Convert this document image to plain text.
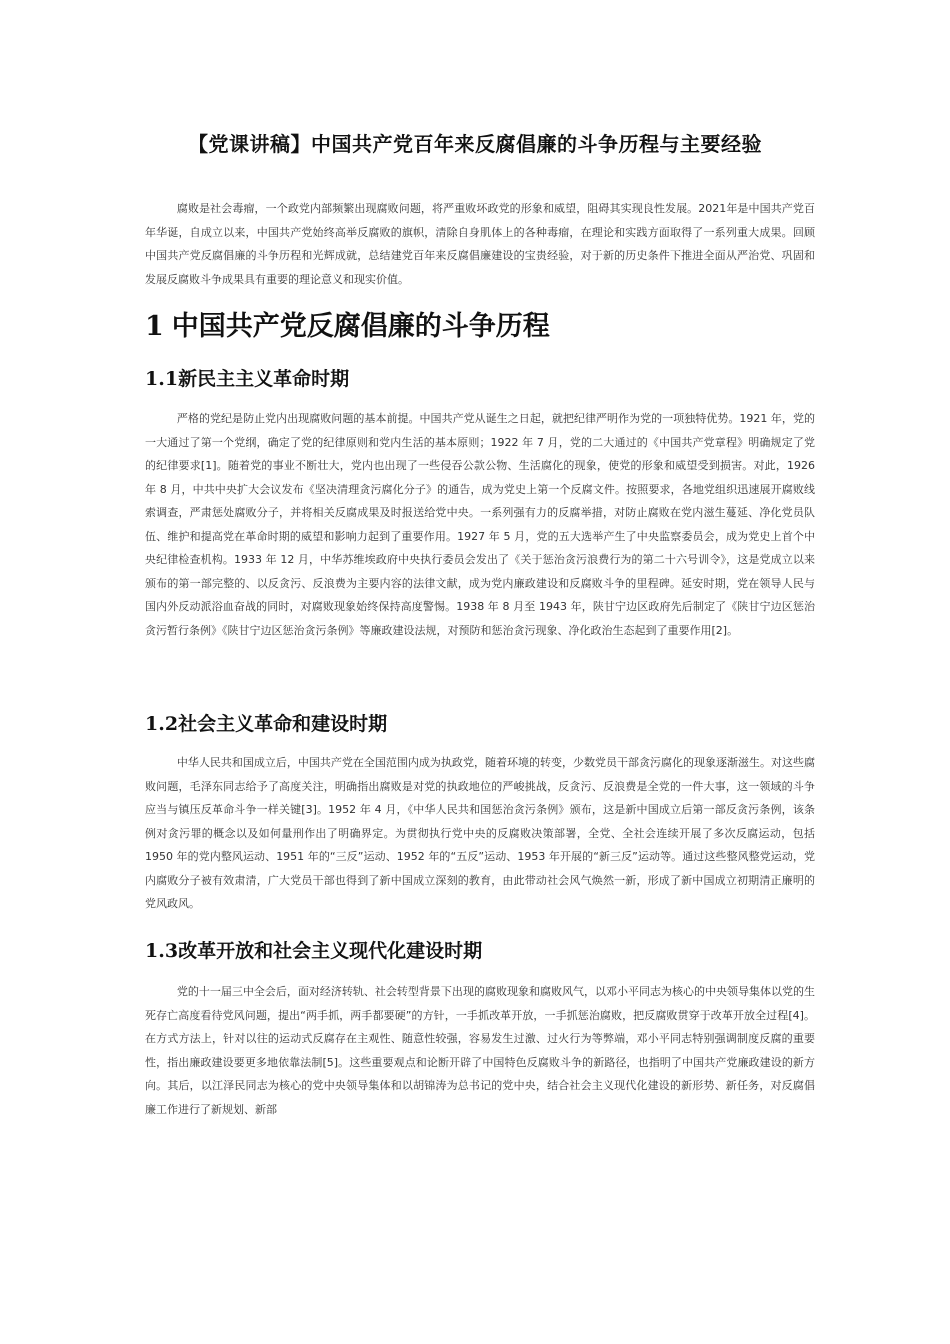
【党课讲稿】中国共产党百年来反腐倡廉的斗争历程与主要经验

腐败是社会毒瘤，一个政党内部频繁出现腐败问题，将严重败坏政党的形象和威望，阻碍其实现良性发展。2021年是中国共产党百年华诞，自成立以来，中国共产党始终高举反腐败的旗帜，清除自身肌体上的各种毒瘤，在理论和实践方面取得了一系列重大成果。回顾中国共产党反腐倡廉的斗争历程和光辉成就，总结建党百年来反腐倡廉建设的宝贵经验，对于新的历史条件下推进全面从严治党、巩固和发展反腐败斗争成果具有重要的理论意义和现实价值。

1 中国共产党反腐倡廉的斗争历程
1.1新民主主义革命时期

严格的党纪是防止党内出现腐败问题的基本前提。中国共产党从诞生之日起，就把纪律严明作为党的一项独特优势。1921 年，党的一大通过了第一个党纲，确定了党的纪律原则和党内生活的基本原则；1922 年 7 月，党的二大通过的《中国共产党章程》明确规定了党的纪律要求[1]。随着党的事业不断壮大，党内也出现了一些侵吞公款公物、生活腐化的现象，使党的形象和威望受到损害。对此，1926 年 8 月，中共中央扩大会议发布《坚决清理贪污腐化分子》的通告，成为党史上第一个反腐文件。按照要求，各地党组织迅速展开腐败线索调查，严肃惩处腐败分子，并将相关反腐成果及时报送给党中央。一系列强有力的反腐举措，对防止腐败在党内滋生蔓延、净化党员队伍、维护和提高党在革命时期的威望和影响力起到了重要作用。1927 年 5 月，党的五大选举产生了中央监察委员会，成为党史上首个中央纪律检查机构。1933 年 12 月，中华苏维埃政府中央执行委员会发出了《关于惩治贪污浪费行为的第二十六号训令》，这是党成立以来颁布的第一部完整的、以反贪污、反浪费为主要内容的法律文献，成为党内廉政建设和反腐败斗争的里程碑。延安时期，党在领导人民与国内外反动派浴血奋战的同时，对腐败现象始终保持高度警惕。1938 年 8 月至 1943 年，陕甘宁边区政府先后制定了《陕甘宁边区惩治贪污暂行条例》《陕甘宁边区惩治贪污条例》等廉政建设法规，对预防和惩治贪污现象、净化政治生态起到了重要作用[2]。

1.2社会主义革命和建设时期

中华人民共和国成立后，中国共产党在全国范围内成为执政党，随着环境的转变，少数党员干部贪污腐化的现象逐渐滋生。对这些腐败问题，毛泽东同志给予了高度关注，明确指出腐败是对党的执政地位的严峻挑战，反贪污、反浪费是全党的一件大事，这一领域的斗争应当与镇压反革命斗争一样关键[3]。1952 年 4 月，《中华人民共和国惩治贪污条例》颁布，这是新中国成立后第一部反贪污条例，该条例对贪污罪的概念以及如何量刑作出了明确界定。为贯彻执行党中央的反腐败决策部署，全党、全社会连续开展了多次反腐运动，包括 1950 年的党内整风运动、1951 年的“三反”运动、1952 年的“五反”运动、1953 年开展的“新三反”运动等。通过这些整风整党运动，党内腐败分子被有效肃清，广大党员干部也得到了新中国成立深刻的教育，由此带动社会风气焕然一新，形成了新中国成立初期清正廉明的党风政风。

1.3改革开放和社会主义现代化建设时期

党的十一届三中全会后，面对经济转轨、社会转型背景下出现的腐败现象和腐败风气，以邓小平同志为核心的中央领导集体以党的生死存亡高度看待党风问题，提出“两手抓，两手都要硬”的方针，一手抓改革开放，一手抓惩治腐败，把反腐败贯穿于改革开放全过程[4]。在方式方法上，针对以往的运动式反腐存在主观性、随意性较强，容易发生过激、过火行为等弊端，邓小平同志特别强调制度反腐的重要性，指出廉政建设要更多地依靠法制[5]。这些重要观点和论断开辟了中国特色反腐败斗争的新路径，也指明了中国共产党廉政建设的新方向。其后，以江泽民同志为核心的党中央领导集体和以胡锦涛为总书记的党中央，结合社会主义现代化建设的新形势、新任务，对反腐倡廉工作进行了新规划、新部
